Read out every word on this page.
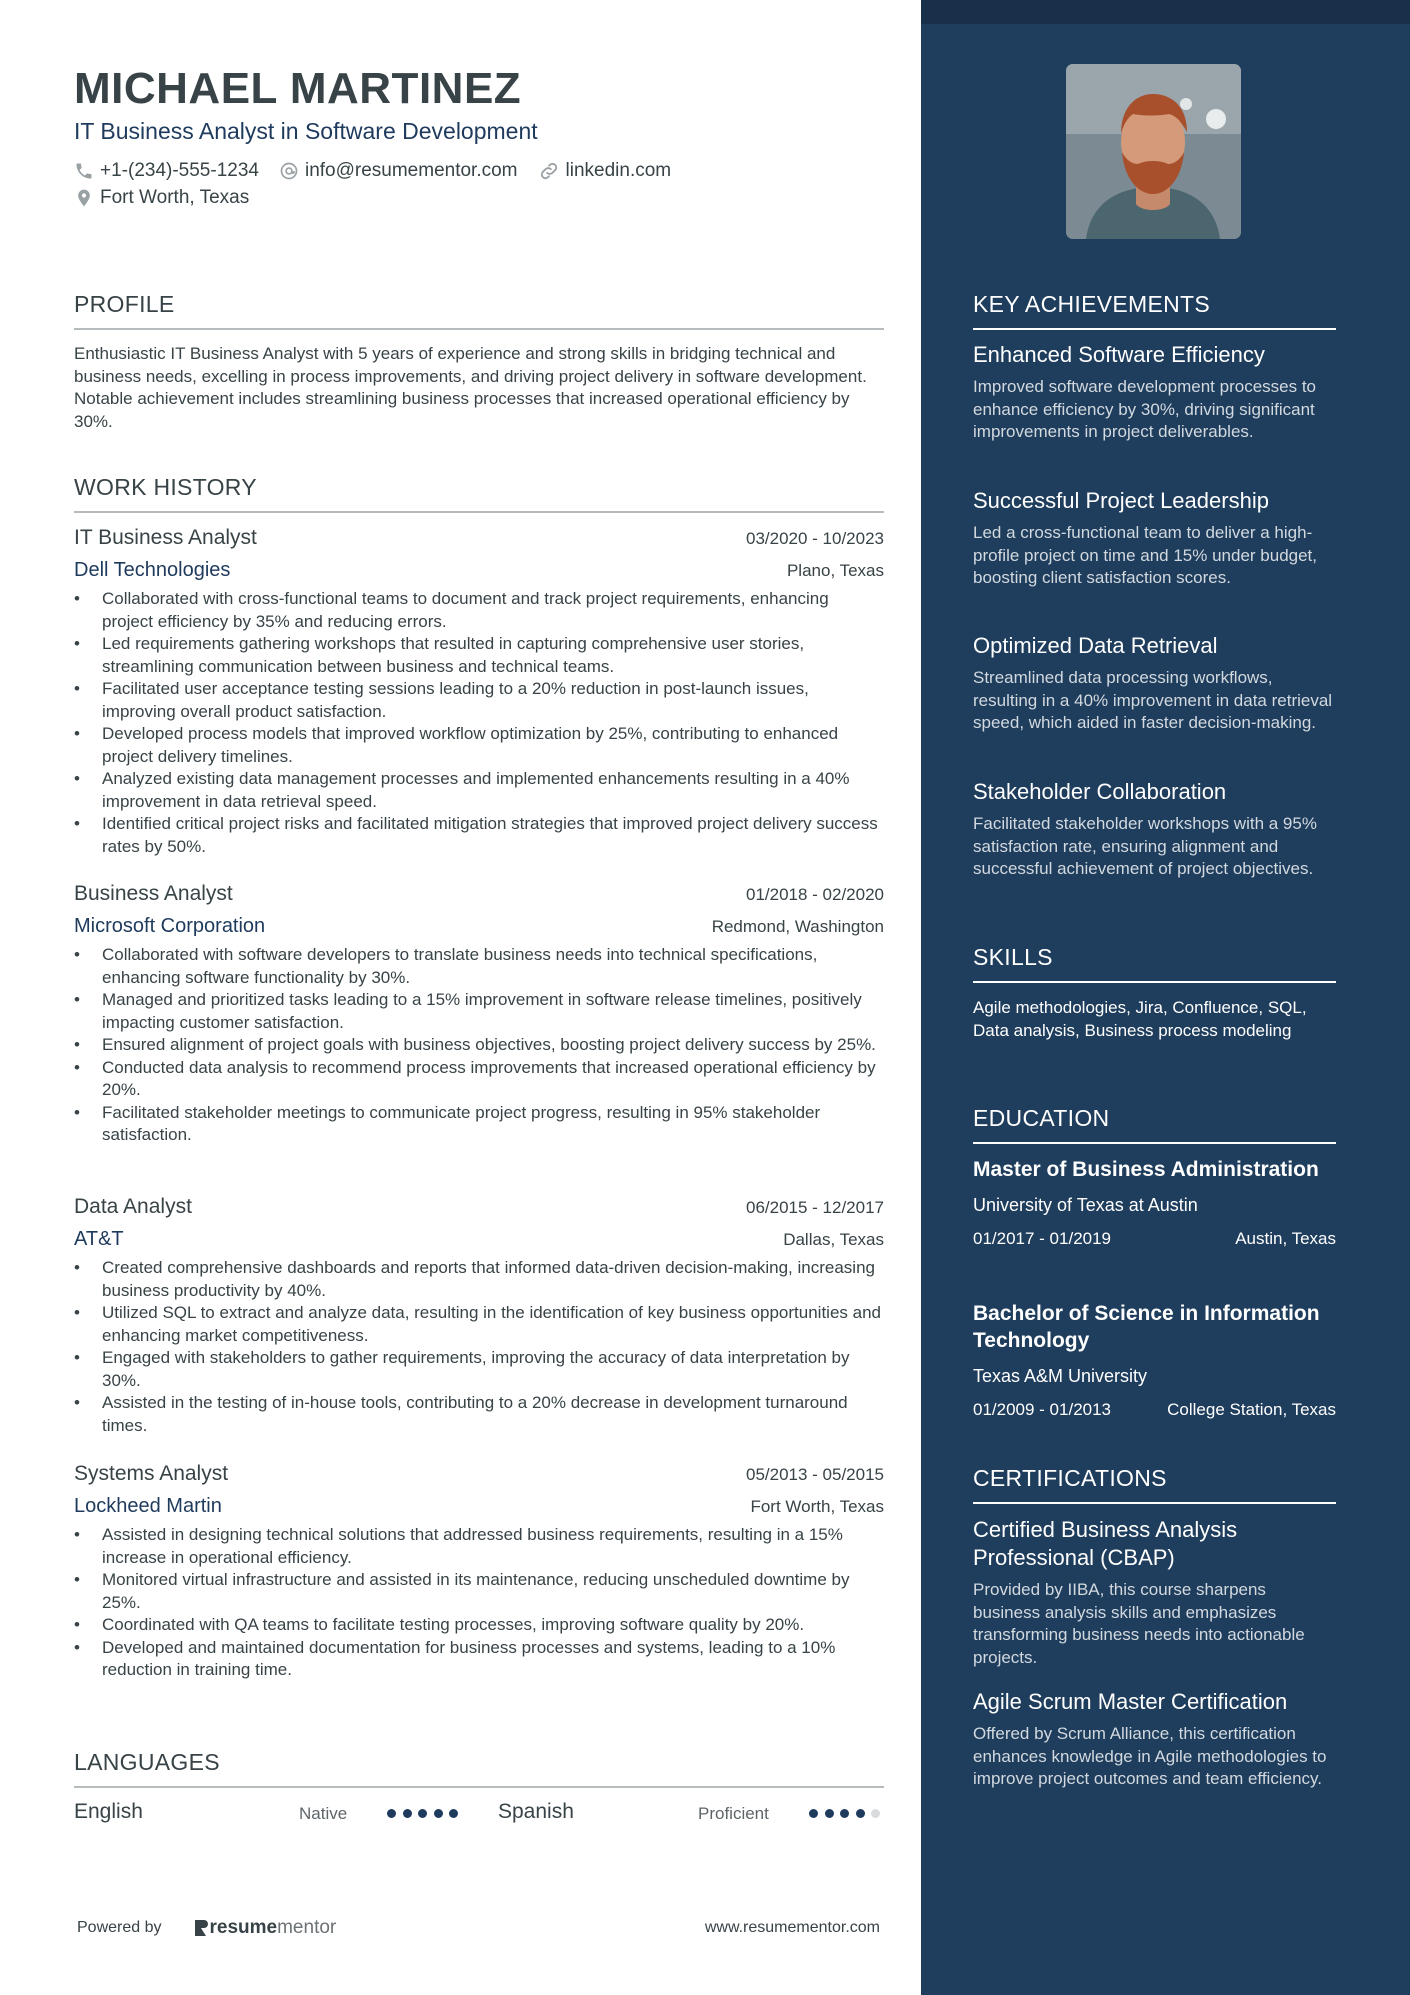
MICHAEL MARTINEZ
IT Business Analyst in Software Development
+1-(234)-555-1234 info@resumementor.com	linkedin.com
Fort Worth, Texas
PROFILE
Enthusiastic IT Business Analyst with 5 years of experience and strong skills in bridging technical and business needs, excelling in process improvements, and driving project delivery in software development. Notable achievement includes streamlining business processes that increased operational efficiency by 30%.
WORK HISTORY
IT Business Analyst	03/2020 - 10/2023
Dell Technologies	Plano, Texas
• Collaborated with cross-functional teams to document and track project requirements, enhancing project efficiency by 35% and reducing errors.
• Led requirements gathering workshops that resulted in capturing comprehensive user stories, streamlining communication between business and technical teams.
• Facilitated user acceptance testing sessions leading to a 20% reduction in post-launch issues, improving overall product satisfaction.
• Developed process models that improved workflow optimization by 25%, contributing to enhanced project delivery timelines.
• Analyzed existing data management processes and implemented enhancements resulting in a 40% improvement in data retrieval speed.
• Identified critical project risks and facilitated mitigation strategies that improved project delivery success rates by 50%.
Business Analyst	01/2018 - 02/2020
Microsoft Corporation	Redmond, Washington
• Collaborated with software developers to translate business needs into technical specifications, enhancing software functionality by 30%.
• Managed and prioritized tasks leading to a 15% improvement in software release timelines, positively impacting customer satisfaction.
• Ensured alignment of project goals with business objectives, boosting project delivery success by 25%.
• Conducted data analysis to recommend process improvements that increased operational efficiency by 20%.
• Facilitated stakeholder meetings to communicate project progress, resulting in 95% stakeholder satisfaction.
Data Analyst	06/2015 - 12/2017
AT&T	Dallas, Texas
• Created comprehensive dashboards and reports that informed data-driven decision-making, increasing business productivity by 40%.
• Utilized SQL to extract and analyze data, resulting in the identification of key business opportunities and enhancing market competitiveness.
• Engaged with stakeholders to gather requirements, improving the accuracy of data interpretation by 30%.
• Assisted in the testing of in-house tools, contributing to a 20% decrease in development turnaround times.
Systems Analyst	05/2013 - 05/2015
Lockheed Martin	Fort Worth, Texas
• Assisted in designing technical solutions that addressed business requirements, resulting in a 15% increase in operational efficiency.
• Monitored virtual infrastructure and assisted in its maintenance, reducing unscheduled downtime by 25%.
• Coordinated with QA teams to facilitate testing processes, improving software quality by 20%.
• Developed and maintained documentation for business processes and systems, leading to a 10% reduction in training time.
LANGUAGES
English	Native	Spanish	Proficient
Powered by	resume mentor	www.resumementor.com
KEY ACHIEVEMENTS
Enhanced Software Efficiency
Improved software development processes to enhance efficiency by 30%, driving significant improvements in project deliverables.
Successful Project Leadership
Led a cross-functional team to deliver a high-profile project on time and 15% under budget, boosting client satisfaction scores.
Optimized Data Retrieval
Streamlined data processing workflows, resulting in a 40% improvement in data retrieval speed, which aided in faster decision-making.
Stakeholder Collaboration
Facilitated stakeholder workshops with a 95% satisfaction rate, ensuring alignment and successful achievement of project objectives.
SKILLS
Agile methodologies, Jira, Confluence, SQL, Data analysis, Business process modeling
EDUCATION
Master of Business Administration
University of Texas at Austin
01/2017 - 01/2019	Austin, Texas
Bachelor of Science in Information Technology
Texas A&M University
01/2009 - 01/2013	College Station, Texas
CERTIFICATIONS
Certified Business Analysis Professional (CBAP)
Provided by IIBA, this course sharpens business analysis skills and emphasizes transforming business needs into actionable projects.
Agile Scrum Master Certification
Offered by Scrum Alliance, this certification enhances knowledge in Agile methodologies to improve project outcomes and team efficiency.
